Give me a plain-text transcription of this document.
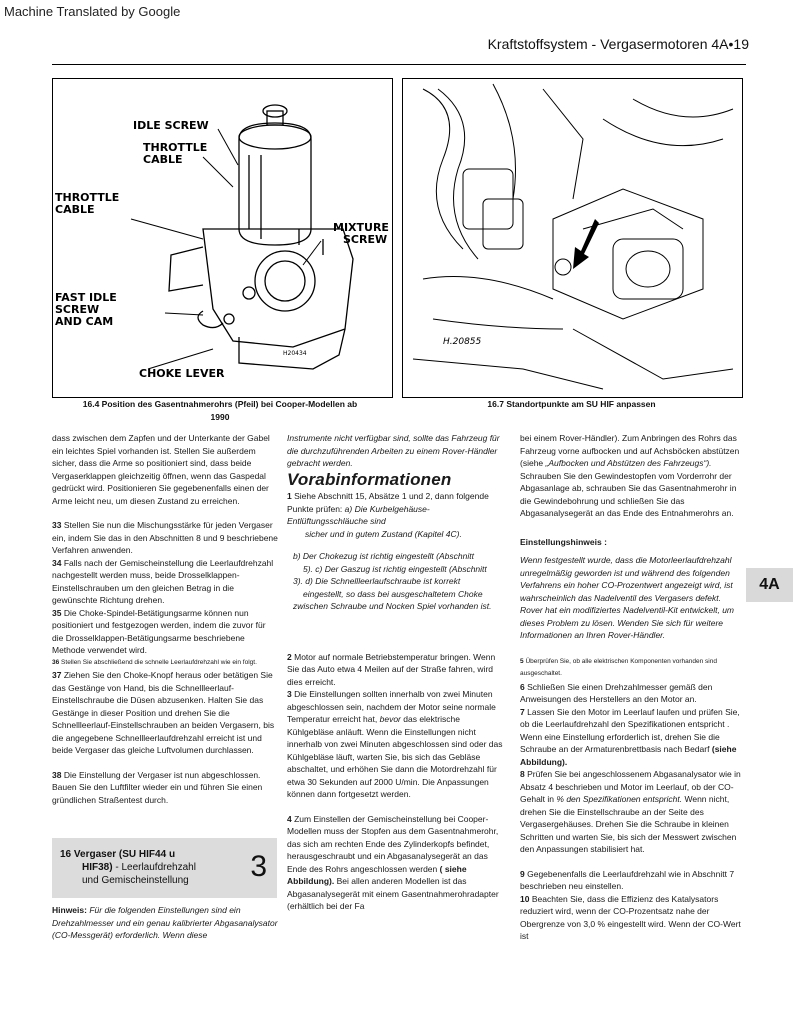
Machine Translated by Google
Kraftstoffsystem - Vergasermotoren 4A•19
IDLE SCREW
THROTTLE
CABLE
THROTTLE
CABLE
MIXTURE
SCREW
FAST IDLE
SCREW
AND CAM
CHOKE LEVER
H20434
H.20855
16.4 Position des Gasentnahmerohrs (Pfeil) bei Cooper-Modellen ab
1990
16.7 Standortpunkte am SU HIF anpassen
4A

dass zwischen dem Zapfen und der Unterkante der Gabel ein leichtes Spiel vorhanden ist. Stellen Sie außerdem sicher, dass die Arme so positioniert sind, dass beide Vergaserklappen gleichzeitig öffnen, wenn das Gaspedal gedrückt wird. Positionieren Sie gegebenenfalls einen der Arme leicht neu, um diesen Zustand zu erreichen.

33 Stellen Sie nun die Mischungsstärke für jeden Vergaser ein, indem Sie das in den Abschnitten 8 und 9 beschriebene Verfahren anwenden.

34 Falls nach der Gemischeinstellung die Leerlaufdrehzahl nachgestellt werden muss, beide Drosselklappen-Einstellschrauben um den gleichen Betrag in die gewünschte Richtung drehen.

35 Die Choke-Spindel-Betätigungsarme können nun positioniert und festgezogen werden, indem die zuvor für die Drosselklappen-Betätigungsarme beschriebene Methode verwendet wird.

36 Stellen Sie abschließend die schnelle Leerlaufdrehzahl wie ein folgt.

37 Ziehen Sie den Choke-Knopf heraus oder betätigen Sie das Gestänge von Hand, bis die Schnellleerlauf-Einstellschraube die Düsen abzusenken. Halten Sie das Gestänge in dieser Position und drehen Sie die Schnellleerlauf-Einstellschrauben an beiden Vergasern, bis die angegebene Schnellleerlaufdrehzahl erreicht ist und beide Vergaser das gleiche Luftvolumen durchlassen.

38 Die Einstellung der Vergaser ist nun abgeschlossen. Bauen Sie den Luftfilter wieder ein und führen Sie einen gründlichen Straßentest durch.

16 Vergaser (SU HIF44 u
HIF38) - Leerlaufdrehzahl
und Gemischeinstellung 3
Hinweis: Für die folgenden Einstellungen sind ein Drehzahlmesser und ein genau kalibrierter Abgasanalysator (CO-Messgerät) erforderlich. Wenn diese

Instrumente nicht verfügbar sind, sollte das Fahrzeug für die durchzuführenden Arbeiten zu einem Rover-Händler gebracht werden.

Vorabinformationen
1 Siehe Abschnitt 15, Absätze 1 und 2, dann folgende Punkte prüfen: a) Die Kurbelgehäuse-Entlüftungsschläuche sind
sicher und in gutem Zustand (Kapitel 4C).
b) Der Chokezug ist richtig eingestellt (Abschnitt
5). c) Der Gaszug ist richtig eingestellt (Abschnitt
3). d) Die Schnellleerlaufschraube ist korrekt
eingestellt, so dass bei ausgeschaltetem Choke
zwischen Schraube und Nocken Spiel vorhanden ist.

2 Motor auf normale Betriebstemperatur bringen. Wenn Sie das Auto etwa 4 Meilen auf der Straße fahren, wird dies erreicht.

3 Die Einstellungen sollten innerhalb von zwei Minuten abgeschlossen sein, nachdem der Motor seine normale Temperatur erreicht hat, bevor das elektrische Kühlgebläse anläuft. Wenn die Einstellungen nicht innerhalb von zwei Minuten abgeschlossen sind oder das Kühlgebläse läuft, warten Sie, bis sich das Gebläse abschaltet, und erhöhen Sie dann die Motordrehzahl für etwa 30 Sekunden auf 2000 U/min. Die Anpassungen können dann fortgesetzt werden.

4 Zum Einstellen der Gemischeinstellung bei Cooper-Modellen muss der Stopfen aus dem Gasentnahmerohr, das sich am rechten Ende des Zylinderkopfs befindet, herausgeschraubt und ein Abgasanalysegerät an das Ende des Rohrs angeschlossen werden ( siehe Abbildung). Bei allen anderen Modellen ist das Abgasanalysegerät mit einem Gasentnahmerohradapter (erhältlich bei der Fa

bei einem Rover-Händler). Zum Anbringen des Rohrs das Fahrzeug vorne aufbocken und auf Achsböcken abstützen (siehe „Aufbocken und Abstützen des Fahrzeugs“). Schrauben Sie den Gewindestopfen vom Vorderrohr der Abgasanlage ab, schrauben Sie das Gasentnahmerohr in die Gewindebohrung und schließen Sie das Abgasanalysegerät an das Ende des Entnahmerohrs an.

Einstellungshinweis :

Wenn festgestellt wurde, dass die Motorleerlaufdrehzahl unregelmäßig geworden ist und während des folgenden Verfahrens ein hoher CO-Prozentwert angezeigt wird, ist wahrscheinlich das Nadelventil des Vergasers defekt. Rover hat ein modifiziertes Nadelventil-Kit entwickelt, um dieses Problem zu lösen. Wenden Sie sich für weitere Informationen an Ihren Rover-Händler.

5 Überprüfen Sie, ob alle elektrischen Komponenten vorhanden sind ausgeschaltet.

6 Schließen Sie einen Drehzahlmesser gemäß den Anweisungen des Herstellers an den Motor an.
7 Lassen Sie den Motor im Leerlauf laufen und prüfen Sie, ob die Leerlaufdrehzahl den Spezifikationen entspricht . Wenn eine Einstellung erforderlich ist, drehen Sie die Schraube an der Armaturenbrettbasis nach Bedarf (siehe Abbildung).

8 Prüfen Sie bei angeschlossenem Abgasanalysator wie in Absatz 4 beschrieben und Motor im Leerlauf, ob der CO-Gehalt in % den Spezifikationen entspricht. Wenn nicht, drehen Sie die Einstellschraube an der Seite des Vergasergehäuses. Drehen Sie die Schraube in kleinen Schritten und warten Sie, bis sich der Messwert zwischen den Anpassungen stabilisiert hat.

9 Gegebenenfalls die Leerlaufdrehzahl wie in Abschnitt 7 beschrieben neu einstellen.
10 Beachten Sie, dass die Effizienz des Katalysators reduziert wird, wenn der CO-Prozentsatz nahe der Obergrenze von 3,0 % eingestellt wird. Wenn der CO-Wert ist
